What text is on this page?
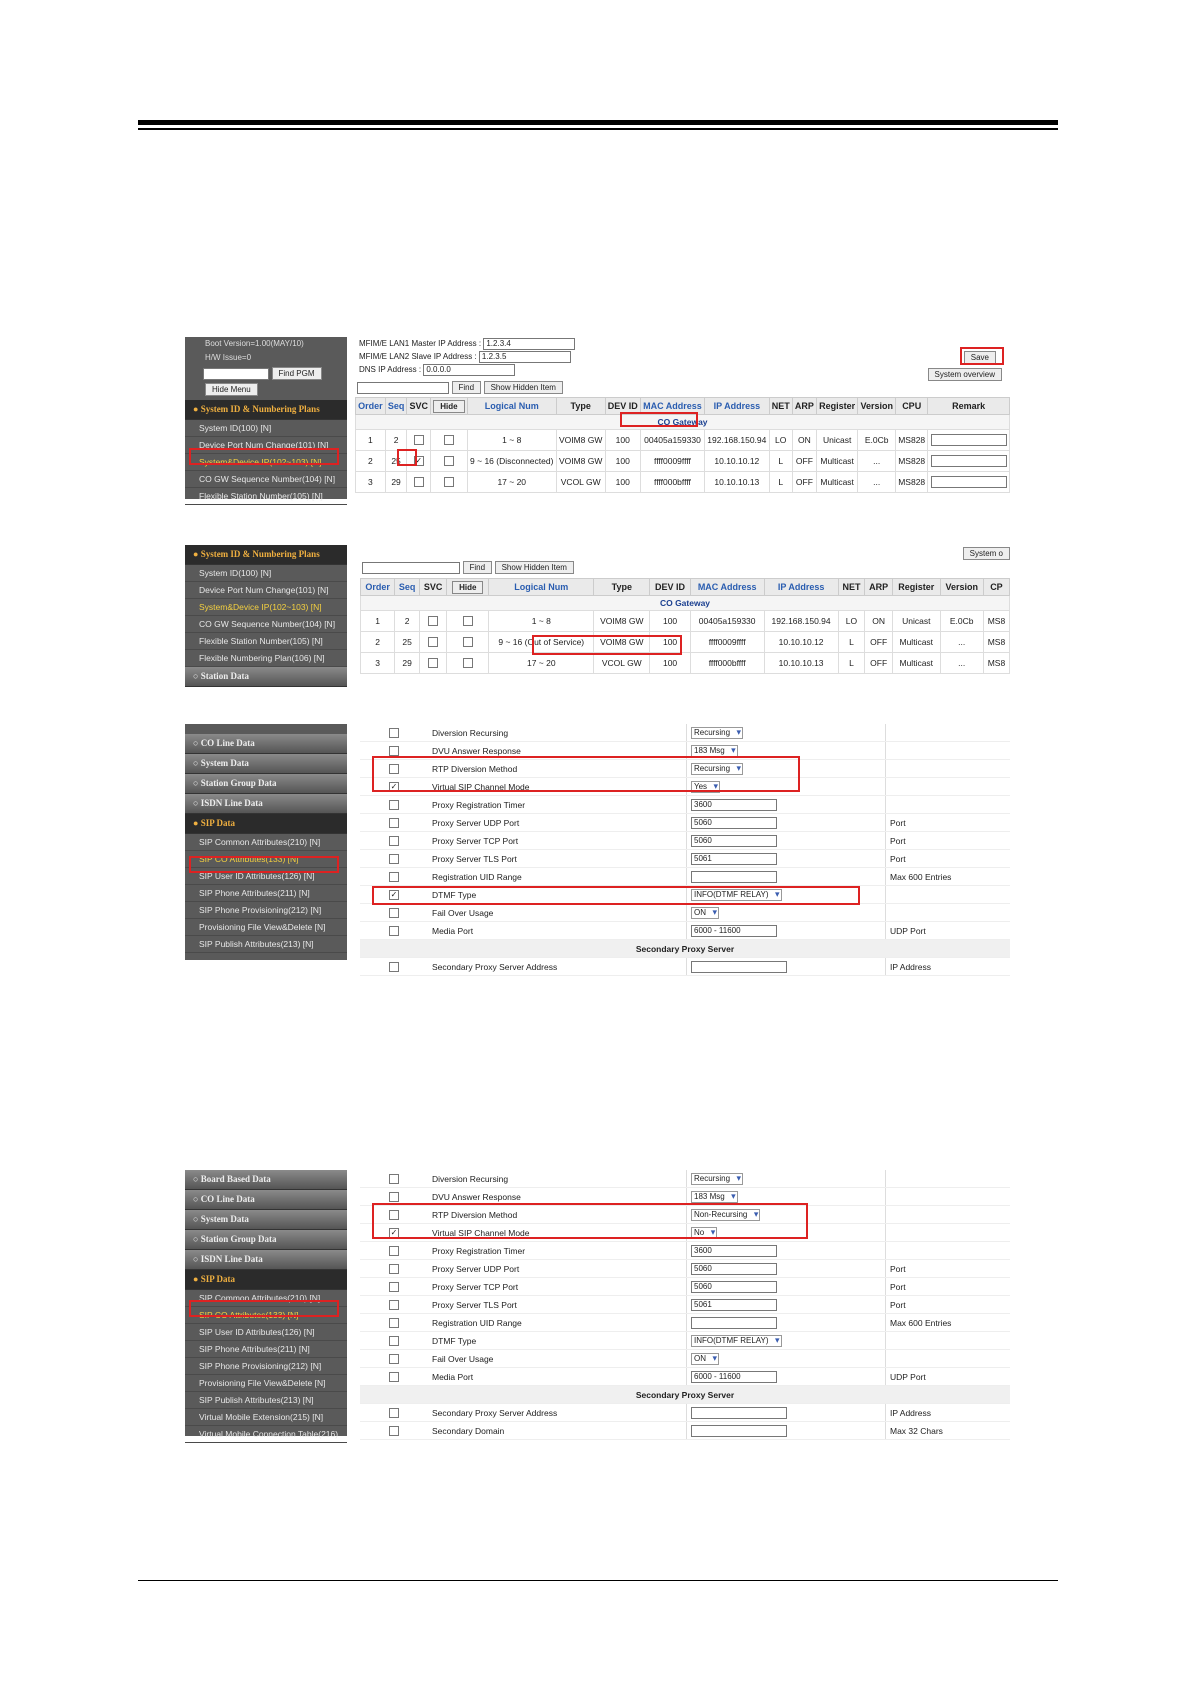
Boot Version=1.00(MAY/10)
H/W Issue=0
Find PGM
Hide Menu
● System ID & Numbering Plans
System ID(100) [N]
Device Port Num Change(101) [N]
System&Device IP(102~103) [N]
CO GW Sequence Number(104) [N]
Flexible Station Number(105) [N]
MFIM/E LAN1 Master IP Address : 1.2.3.4
MFIM/E LAN2 Slave IP Address : 1.2.3.5
DNS IP Address : 0.0.0.0
Save
System overview
Find Show Hidden Item
Order	Seq	SVC	Hide	Logical Num	Type	DEV ID	MAC Address	IP Address	NET	ARP	Register	Version	CPU	Remark
CO Gateway														
1	2			1 ~ 8	VOIM8 GW	100	00405a159330	192.168.150.94	LO	ON	Unicast	E.0Cb	MS828	
2	25	✓		9 ~ 16 (Disconnected)	VOIM8 GW	100	ffff0009ffff	10.10.10.12	L	OFF	Multicast	...	MS828	
3	29			17 ~ 20	VCOL GW	100	ffff000bffff	10.10.10.13	L	OFF	Multicast	...	MS828	
● System ID & Numbering Plans
System ID(100) [N]
Device Port Num Change(101) [N]
System&Device IP(102~103) [N]
CO GW Sequence Number(104) [N]
Flexible Station Number(105) [N]
Flexible Numbering Plan(106) [N]
○ Station Data
Find Show Hidden Item
System o
Order	Seq	SVC	Hide	Logical Num	Type	DEV ID	MAC Address	IP Address	NET	ARP	Register	Version	CP
CO Gateway													
1	2			1 ~ 8	VOIM8 GW	100	00405a159330	192.168.150.94	LO	ON	Unicast	E.0Cb	MS8
2	25			9 ~ 16 (Out of Service)	VOIM8 GW	100	ffff0009ffff	10.10.10.12	L	OFF	Multicast	...	MS8
3	29			17 ~ 20	VCOL GW	100	ffff000bffff	10.10.10.13	L	OFF	Multicast	...	MS8
○ CO Line Data
○ System Data
○ Station Group Data
○ ISDN Line Data
● SIP Data
SIP Common Attributes(210) [N]
SIP CO Attributes(133) [N]
SIP User ID Attributes(126) [N]
SIP Phone Attributes(211) [N]
SIP Phone Provisioning(212) [N]
Provisioning File View&Delete [N]
SIP Publish Attributes(213) [N]
	Diversion Recursing	Recursing ▾	
	DVU Answer Response	183 Msg ▾	
	RTP Diversion Method	Recursing ▾	
✓	Virtual SIP Channel Mode	Yes ▾	
	Proxy Registration Timer	3600	
	Proxy Server UDP Port	5060	Port
	Proxy Server TCP Port	5060	Port
	Proxy Server TLS Port	5061	Port
	Registration UID Range		Max 600 Entries
✓	DTMF Type	INFO(DTMF RELAY) ▾	
	Fail Over Usage	ON ▾	
	Media Port	6000 - 11600	UDP Port
Secondary Proxy Server			
	Secondary Proxy Server Address		IP Address
○ Board Based Data
○ CO Line Data
○ System Data
○ Station Group Data
○ ISDN Line Data
● SIP Data
SIP Common Attributes(210) [N]
SIP CO Attributes(133) [N]
SIP User ID Attributes(126) [N]
SIP Phone Attributes(211) [N]
SIP Phone Provisioning(212) [N]
Provisioning File View&Delete [N]
SIP Publish Attributes(213) [N]
Virtual Mobile Extension(215) [N]
Virtual Mobile Connection Table(216)
	Diversion Recursing	Recursing ▾	
	DVU Answer Response	183 Msg ▾	
	RTP Diversion Method	Non-Recursing ▾	
✓	Virtual SIP Channel Mode	No ▾	
	Proxy Registration Timer	3600	
	Proxy Server UDP Port	5060	Port
	Proxy Server TCP Port	5060	Port
	Proxy Server TLS Port	5061	Port
	Registration UID Range		Max 600 Entries
	DTMF Type	INFO(DTMF RELAY) ▾	
	Fail Over Usage	ON ▾	
	Media Port	6000 - 11600	UDP Port
Secondary Proxy Server			
	Secondary Proxy Server Address		IP Address
	Secondary Domain		Max 32 Chars
